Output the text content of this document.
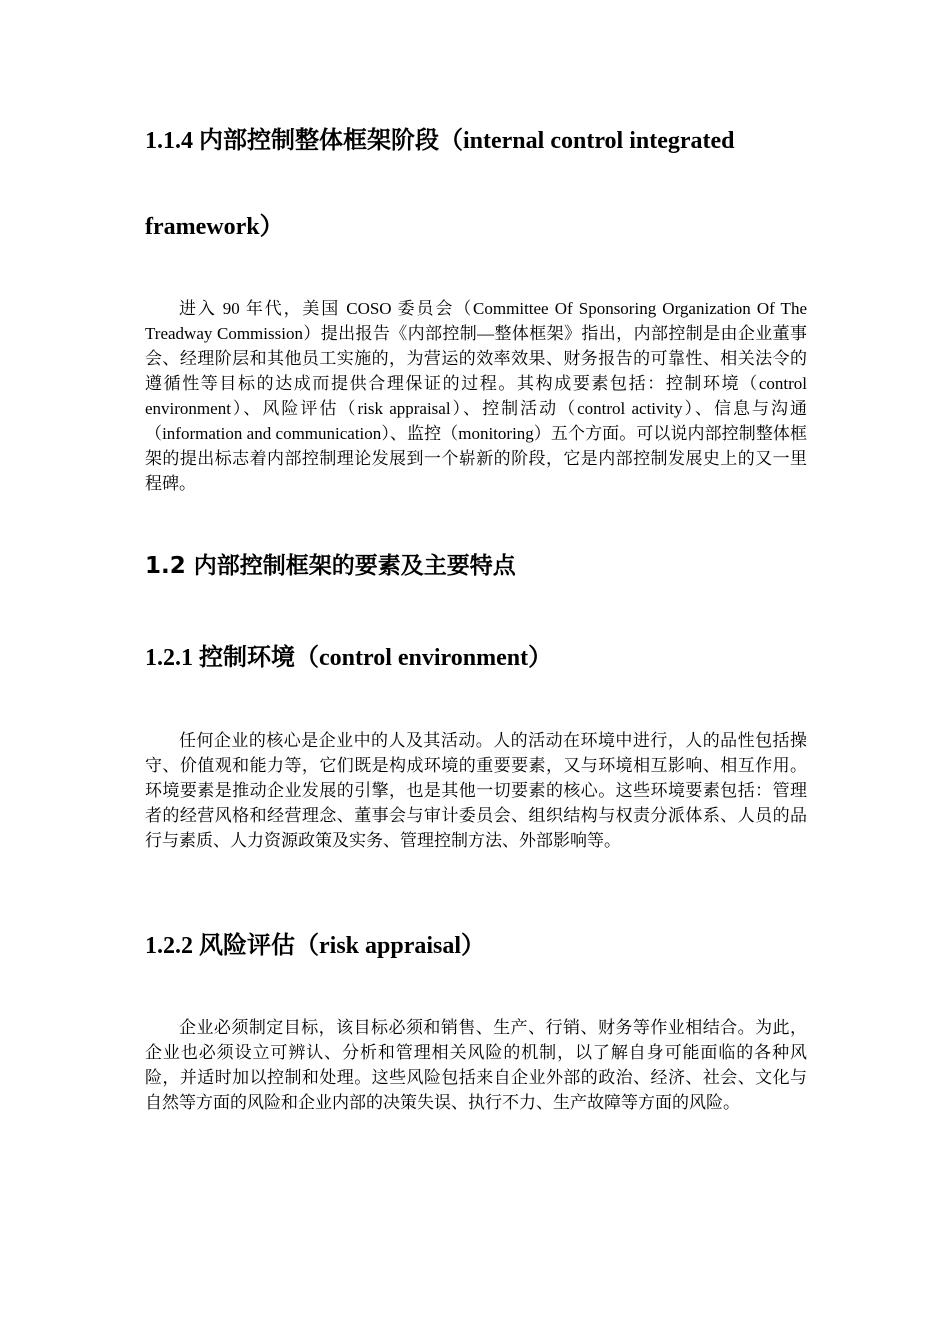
1.1.4 内部控制整体框架阶段（internal control integrated
framework）

进入 90 年代，美国 COSO 委员会（Committee Of Sponsoring Organization Of The Treadway Commission）提出报告《内部控制—整体框架》指出，内部控制是由企业董事会、经理阶层和其他员工实施的，为营运的效率效果、财务报告的可靠性、相关法令的遵循性等目标的达成而提供合理保证的过程。其构成要素包括：控制环境（control environment）、风险评估（risk appraisal）、控制活动（control activity）、信息与沟通（information and communication）、监控（monitoring）五个方面。可以说内部控制整体框架的提出标志着内部控制理论发展到一个崭新的阶段，它是内部控制发展史上的又一里程碑。

1.2 内部控制框架的要素及主要特点
1.2.1 控制环境（control environment）

任何企业的核心是企业中的人及其活动。人的活动在环境中进行，人的品性包括操守、价值观和能力等，它们既是构成环境的重要要素，又与环境相互影响、相互作用。环境要素是推动企业发展的引擎，也是其他一切要素的核心。这些环境要素包括：管理者的经营风格和经营理念、董事会与审计委员会、组织结构与权责分派体系、人员的品行与素质、人力资源政策及实务、管理控制方法、外部影响等。

1.2.2 风险评估（risk appraisal）

企业必须制定目标，该目标必须和销售、生产、行销、财务等作业相结合。为此，企业也必须设立可辨认、分析和管理相关风险的机制，以了解自身可能面临的各种风险，并适时加以控制和处理。这些风险包括来自企业外部的政治、经济、社会、文化与自然等方面的风险和企业内部的决策失误、执行不力、生产故障等方面的风险。
